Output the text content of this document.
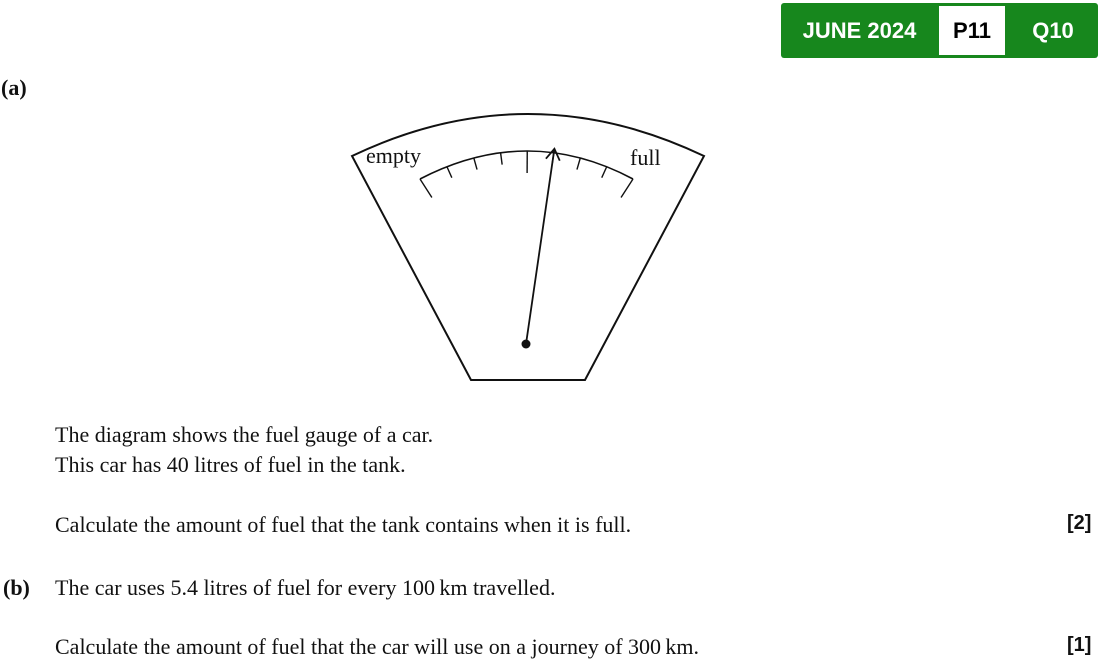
JUNE 2024	P11	Q10
(a)
empty	full
The diagram shows the fuel gauge of a car.
This car has 40 litres of fuel in the tank.
Calculate the amount of fuel that the tank contains when it is full.	[2]
(b) The car uses 5.4 litres of fuel for every 100 km travelled.
Calculate the amount of fuel that the car will use on a journey of 300 km.	[1]
